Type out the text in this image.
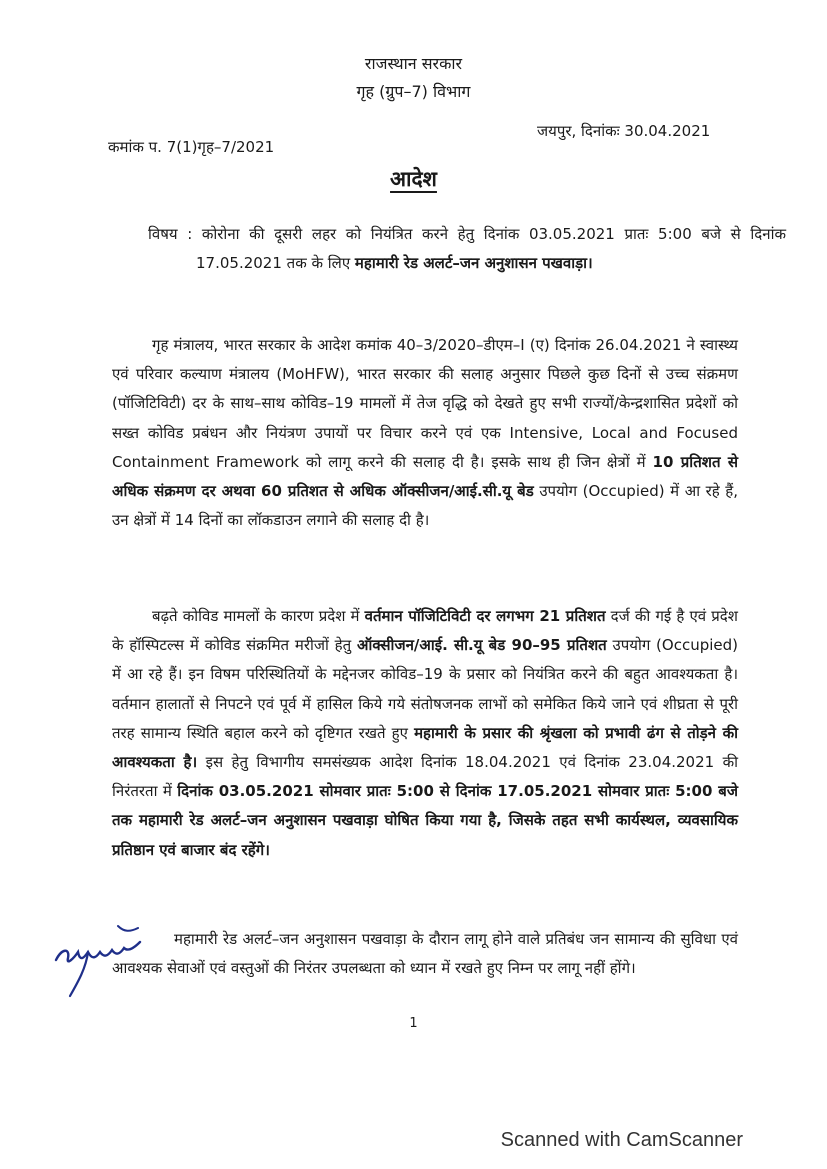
राजस्थान सरकार
गृह (ग्रुप–7) विभाग
जयपुर, दिनांकः 30.04.2021
कमांक प. 7(1)गृह–7/2021
आदेश
विषय : कोरोना की दूसरी लहर को नियंत्रित करने हेतु दिनांक 03.05.2021 प्रातः 5:00 बजे से दिनांक 17.05.2021 तक के लिए महामारी रेड अलर्ट–जन अनुशासन पखवाड़ा।
गृह मंत्रालय, भारत सरकार के आदेश कमांक 40–3/2020–डीएम–I (ए) दिनांक 26.04.2021 ने स्वास्थ्य एवं परिवार कल्याण मंत्रालय (MoHFW), भारत सरकार की सलाह अनुसार पिछले कुछ दिनों से उच्च संक्रमण (पॉजिटिविटी) दर के साथ–साथ कोविड–19 मामलों में तेज वृद्धि को देखते हुए सभी राज्यों/केन्द्रशासित प्रदेशों को सख्त कोविड प्रबंधन और नियंत्रण उपायों पर विचार करने एवं एक Intensive, Local and Focused Containment Framework को लागू करने की सलाह दी है। इसके साथ ही जिन क्षेत्रों में 10 प्रतिशत से अधिक संक्रमण दर अथवा 60 प्रतिशत से अधिक ऑक्सीजन/आई.सी.यू बेड उपयोग (Occupied) में आ रहे हैं, उन क्षेत्रों में 14 दिनों का लॉकडाउन लगाने की सलाह दी है।
बढ़ते कोविड मामलों के कारण प्रदेश में वर्तमान पॉजिटिविटी दर लगभग 21 प्रतिशत दर्ज की गई है एवं प्रदेश के हॉस्पिटल्स में कोविड संक्रमित मरीजों हेतु ऑक्सीजन/आई. सी.यू बेड 90–95 प्रतिशत उपयोग (Occupied) में आ रहे हैं। इन विषम परिस्थितियों के मद्देनजर कोविड–19 के प्रसार को नियंत्रित करने की बहुत आवश्यकता है। वर्तमान हालातों से निपटने एवं पूर्व में हासिल किये गये संतोषजनक लाभों को समेकित किये जाने एवं शीघ्रता से पूरी तरह सामान्य स्थिति बहाल करने को दृष्टिगत रखते हुए महामारी के प्रसार की श्रृंखला को प्रभावी ढंग से तोड़ने की आवश्यकता है। इस हेतु विभागीय समसंख्यक आदेश दिनांक 18.04.2021 एवं दिनांक 23.04.2021 की निरंतरता में दिनांक 03.05.2021 सोमवार प्रातः 5:00 से दिनांक 17.05.2021 सोमवार प्रातः 5:00 बजे तक महामारी रेड अलर्ट–जन अनुशासन पखवाड़ा घोषित किया गया है, जिसके तहत सभी कार्यस्थल, व्यवसायिक प्रतिष्ठान एवं बाजार बंद रहेंगे।
महामारी रेड अलर्ट–जन अनुशासन पखवाड़ा के दौरान लागू होने वाले प्रतिबंध जन सामान्य की सुविधा एवं आवश्यक सेवाओं एवं वस्तुओं की निरंतर उपलब्धता को ध्यान में रखते हुए निम्न पर लागू नहीं होंगे।
1
Scanned with CamScanner
